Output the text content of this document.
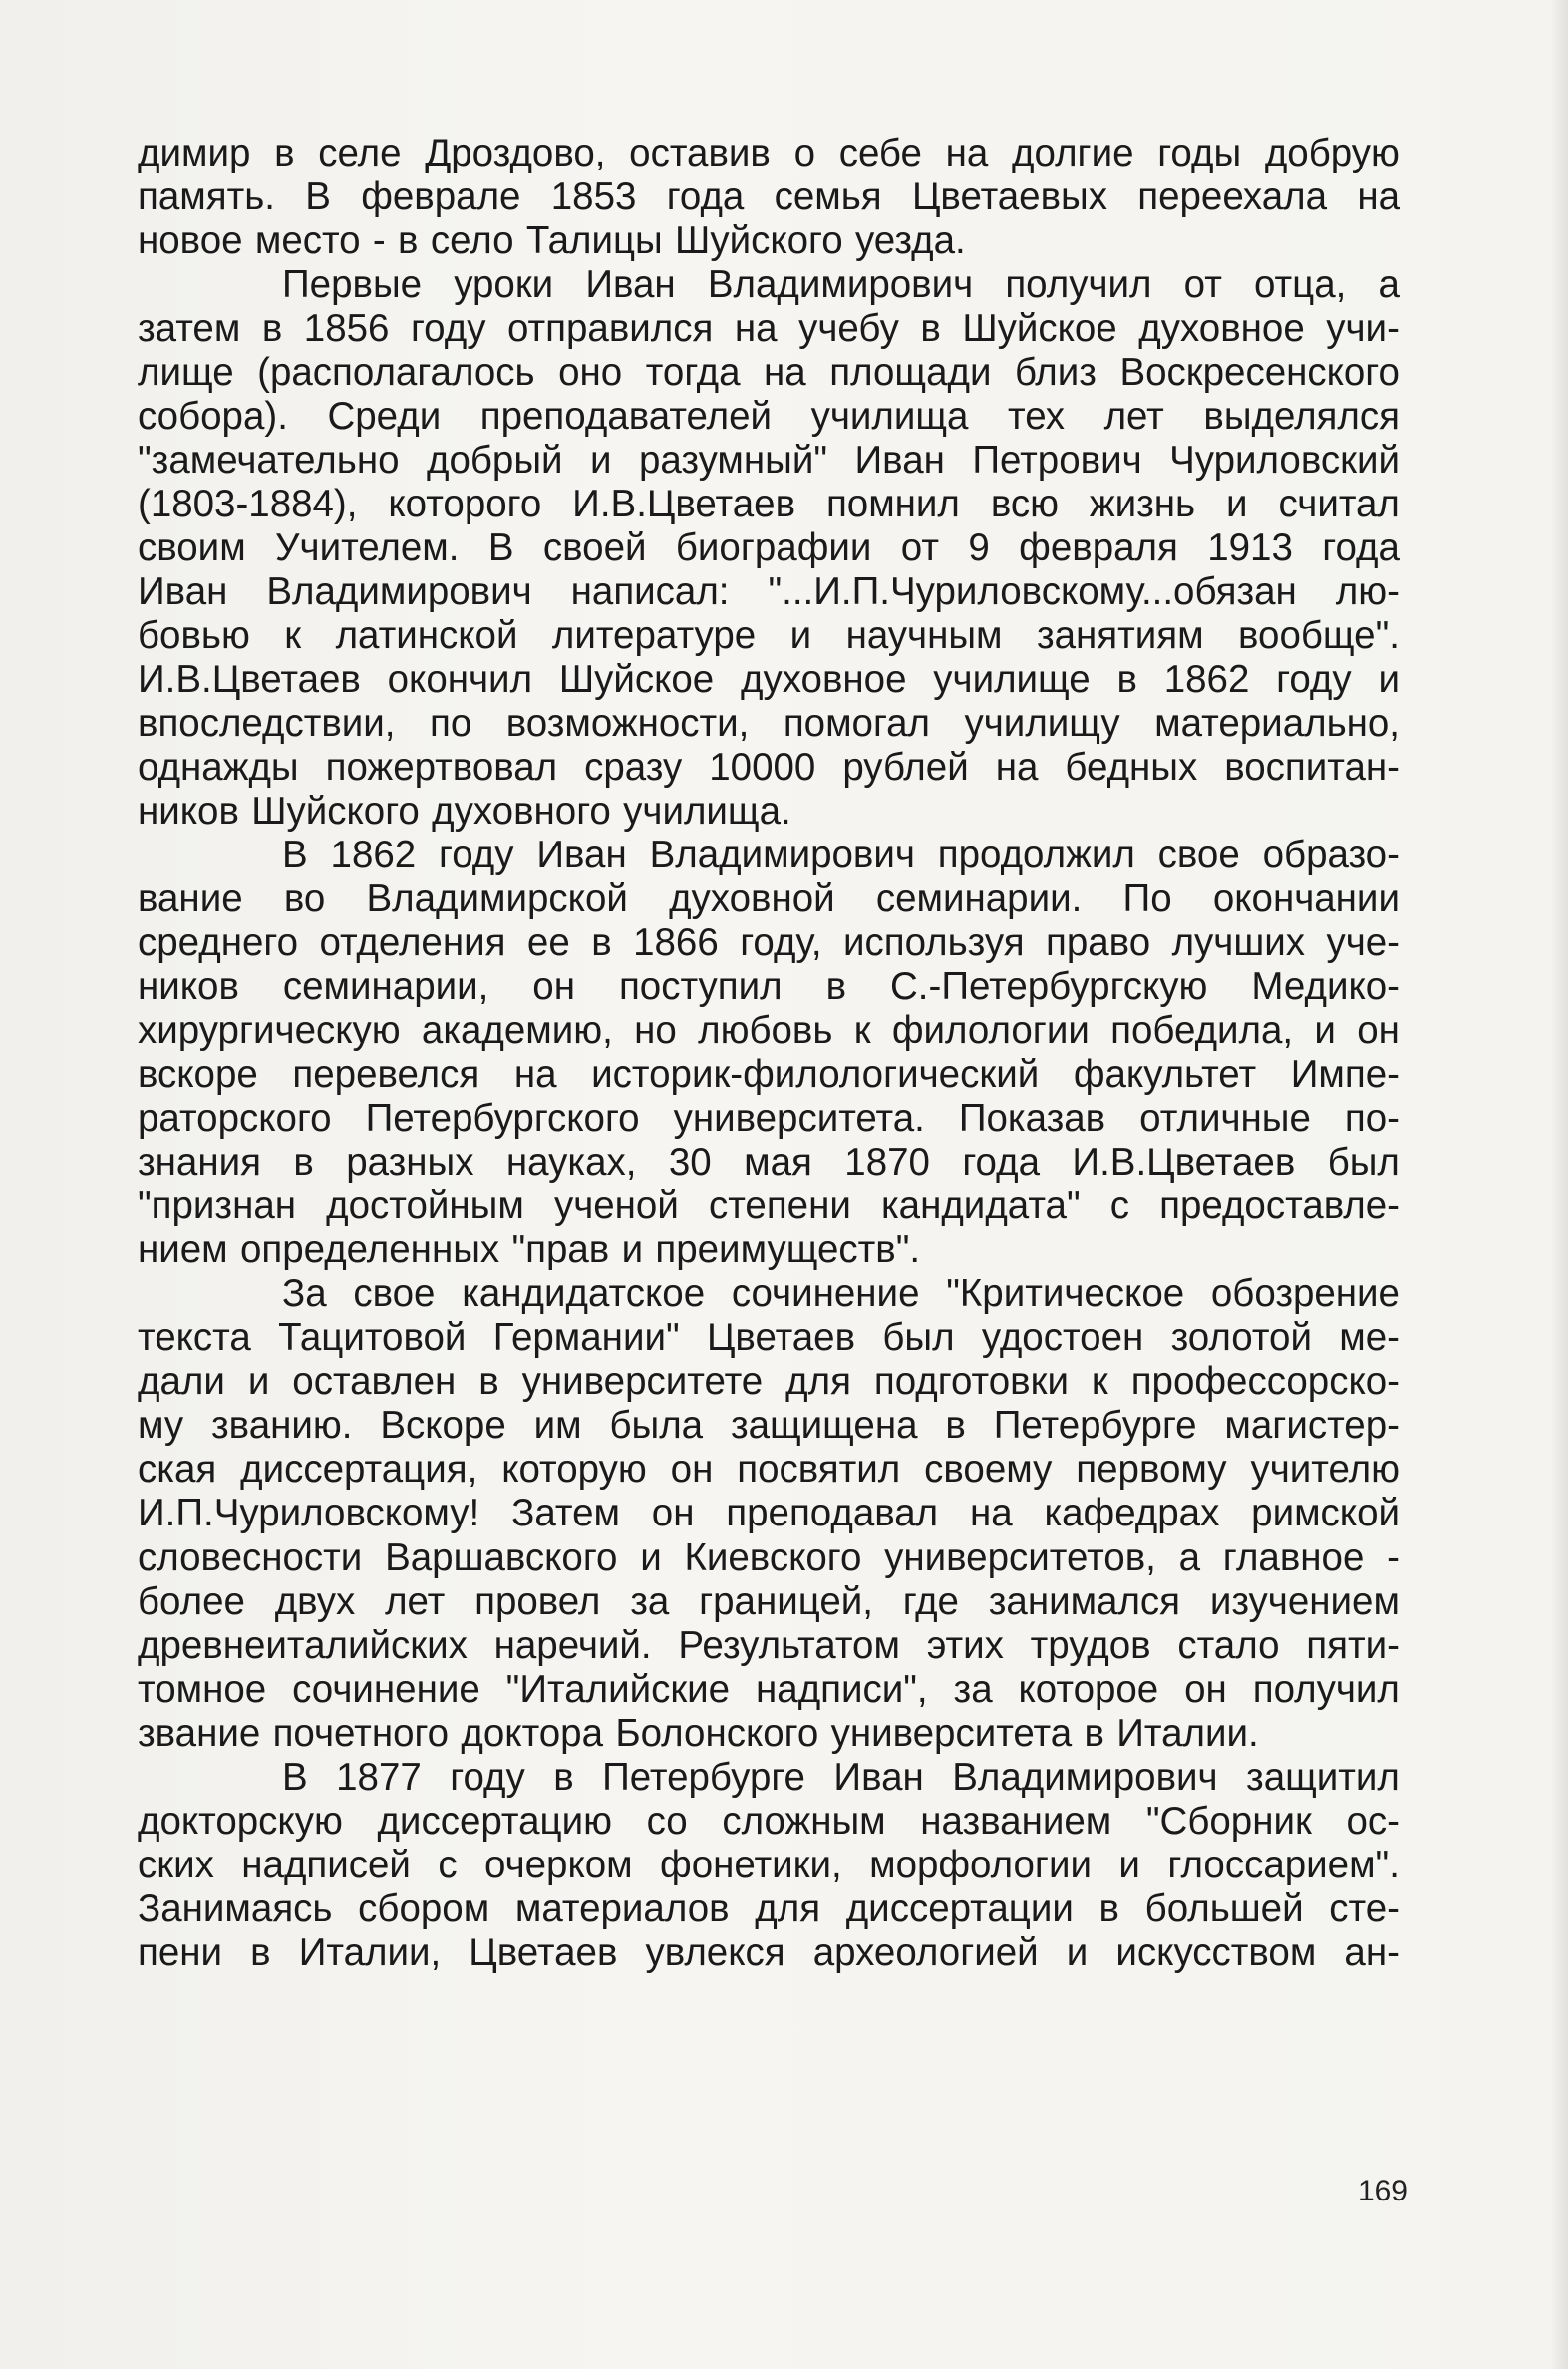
димир в селе Дроздово, оставив о себе на долгие годы добрую
память. В феврале 1853 года семья Цветаевых переехала на
новое место - в село Талицы Шуйского уезда.
Первые уроки Иван Владимирович получил от отца, а
затем в 1856 году отправился на учебу в Шуйское духовное учи-
лище (располагалось оно тогда на площади близ Воскресенского
собора). Среди преподавателей училища тех лет выделялся
"замечательно добрый и разумный" Иван Петрович Чуриловский
(1803-1884), которого И.В.Цветаев помнил всю жизнь и считал
своим Учителем. В своей биографии от 9 февраля 1913 года
Иван Владимирович написал: "...И.П.Чуриловскому...обязан лю-
бовью к латинской литературе и научным занятиям вообще".
И.В.Цветаев окончил Шуйское духовное училище в 1862 году и
впоследствии, по возможности, помогал училищу материально,
однажды пожертвовал сразу 10000 рублей на бедных воспитан-
ников Шуйского духовного училища.
В 1862 году Иван Владимирович продолжил свое образо-
вание во Владимирской духовной семинарии. По окончании
среднего отделения ее в 1866 году, используя право лучших уче-
ников семинарии, он поступил в С.-Петербургскую Медико-
хирургическую академию, но любовь к филологии победила, и он
вскоре перевелся на историк-филологический факультет Импе-
раторского Петербургского университета. Показав отличные по-
знания в разных науках, 30 мая 1870 года И.В.Цветаев был
"признан достойным ученой степени кандидата" с предоставле-
нием определенных "прав и преимуществ".
За свое кандидатское сочинение "Критическое обозрение
текста Тацитовой Германии" Цветаев был удостоен золотой ме-
дали и оставлен в университете для подготовки к профессорско-
му званию. Вскоре им была защищена в Петербурге магистер-
ская диссертация, которую он посвятил своему первому учителю
И.П.Чуриловскому! Затем он преподавал на кафедрах римской
словесности Варшавского и Киевского университетов, а главное -
более двух лет провел за границей, где занимался изучением
древнеиталийских наречий. Результатом этих трудов стало пяти-
томное сочинение "Италийские надписи", за которое он получил
звание почетного доктора Болонского университета в Италии.
В 1877 году в Петербурге Иван Владимирович защитил
докторскую диссертацию со сложным названием "Сборник ос-
ских надписей с очерком фонетики, морфологии и глоссарием".
Занимаясь сбором материалов для диссертации в большей сте-
пени в Италии, Цветаев увлекся археологией и искусством ан-
169
